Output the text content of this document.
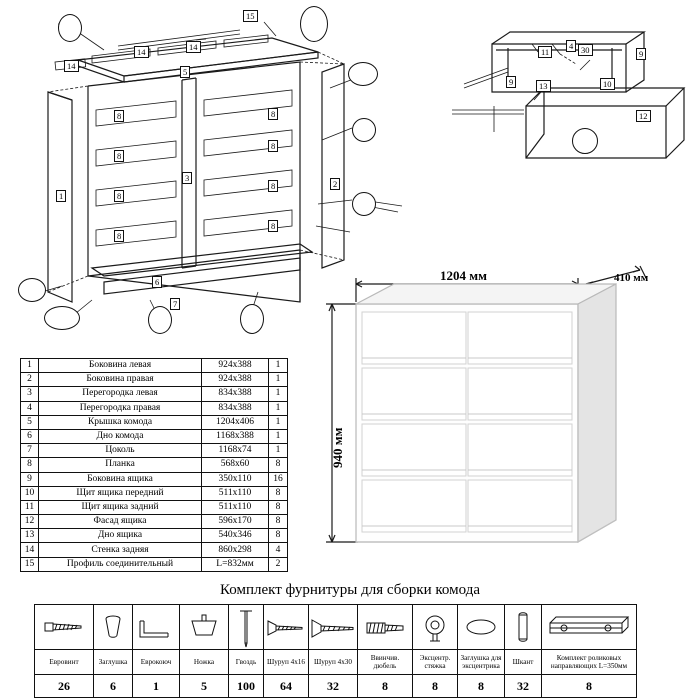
15
14
14	14
5
1
3
6
7
2
8
8
8
8
8
8
8
8
11
4 30	9
9	13	10
12
1204 мм	410 мм
940 мм
1	Боковина левая	924х388	1
2	Боковина правая	924х388	1
3	Перегородка левая	834х388	1
4	Перегородка правая	834х388	1
5	Крышка комода	1204х406	1
6	Дно комода	1168х388	1
7	Цоколь	1168х74	1
8	Планка	568х60	8
9	Боковина ящика	350х110	16
10	Щит ящика передний	511х110	8
11	Щит ящика задний	511х110	8
12	Фасад ящика	596х170	8
13	Дно ящика	540х346	8
14	Стенка задняя	860х298	4
15	Профиль соединительный	L=832мм	2
Комплект фурнитуры для сборки комода

Евровинт	Заглушка	Еврокоюч	Ножка	Гвоздь	Шуруп 4х16	Шуруп 4х30	Ввинчив. дюбель	Эксцентр. стяжка	Заглушка для эксцентрика	Шкант	Комплект роликовых направляющих L=350мм
26	6	1	5	100	64	32	8	8	8	32	8
